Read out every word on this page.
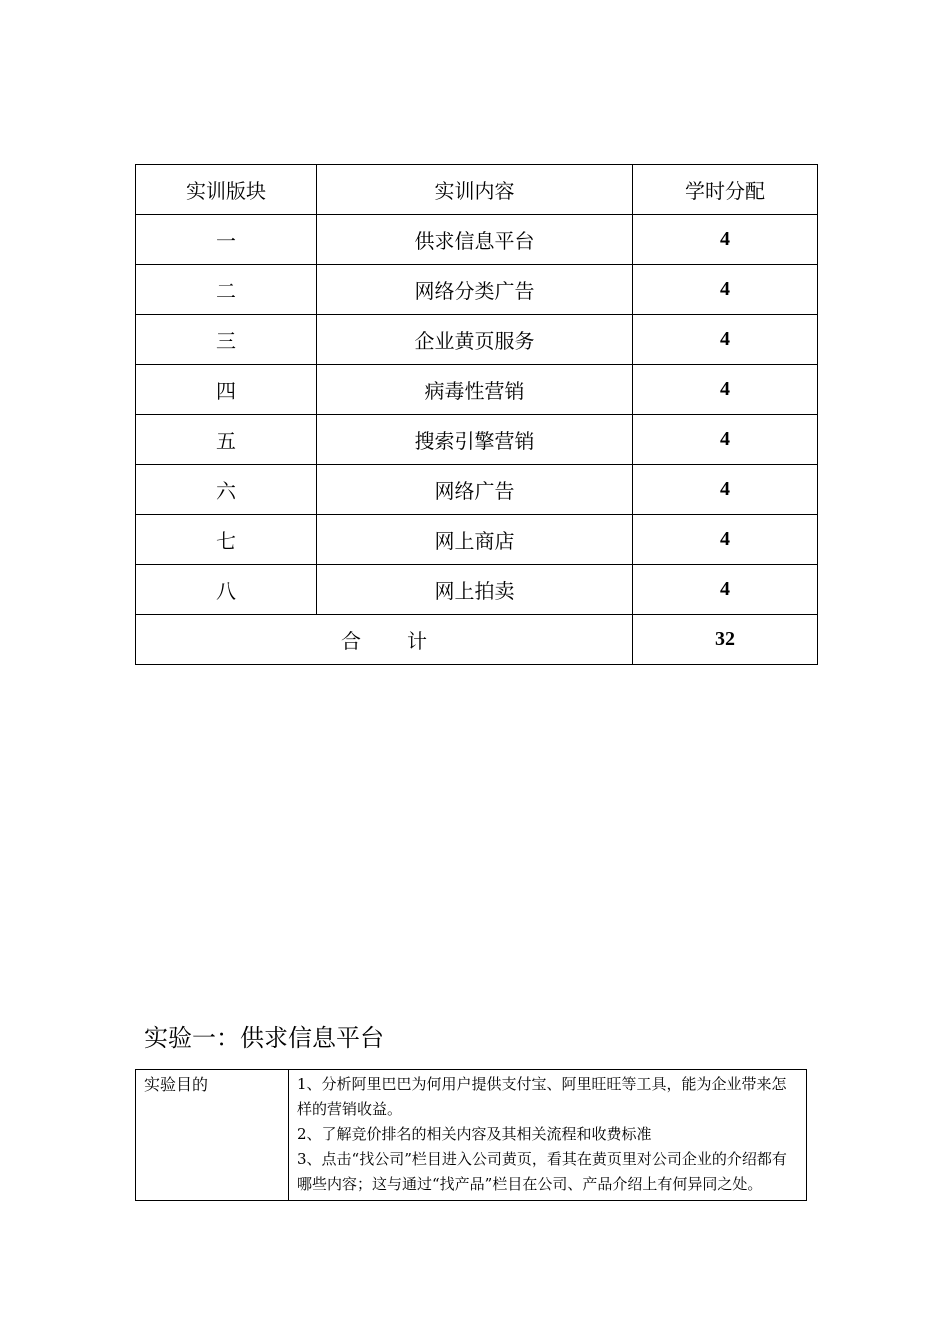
实训版块	实训内容	学时分配
一	供求信息平台	4
二	网络分类广告	4
三	企业黄页服务	4
四	病毒性营销	4
五	搜索引擎营销	4
六	网络广告	4
七	网上商店	4
八	网上拍卖	4
合 计		32
实验一：供求信息平台
实验目的	1、分析阿里巴巴为何用户提供支付宝、阿里旺旺等工具，能为企业带来怎样的营销收益。
2、了解竞价排名的相关内容及其相关流程和收费标准
3、点击“找公司”栏目进入公司黄页，看其在黄页里对公司企业的介绍都有哪些内容；这与通过“找产品”栏目在公司、产品介绍上有何异同之处。
